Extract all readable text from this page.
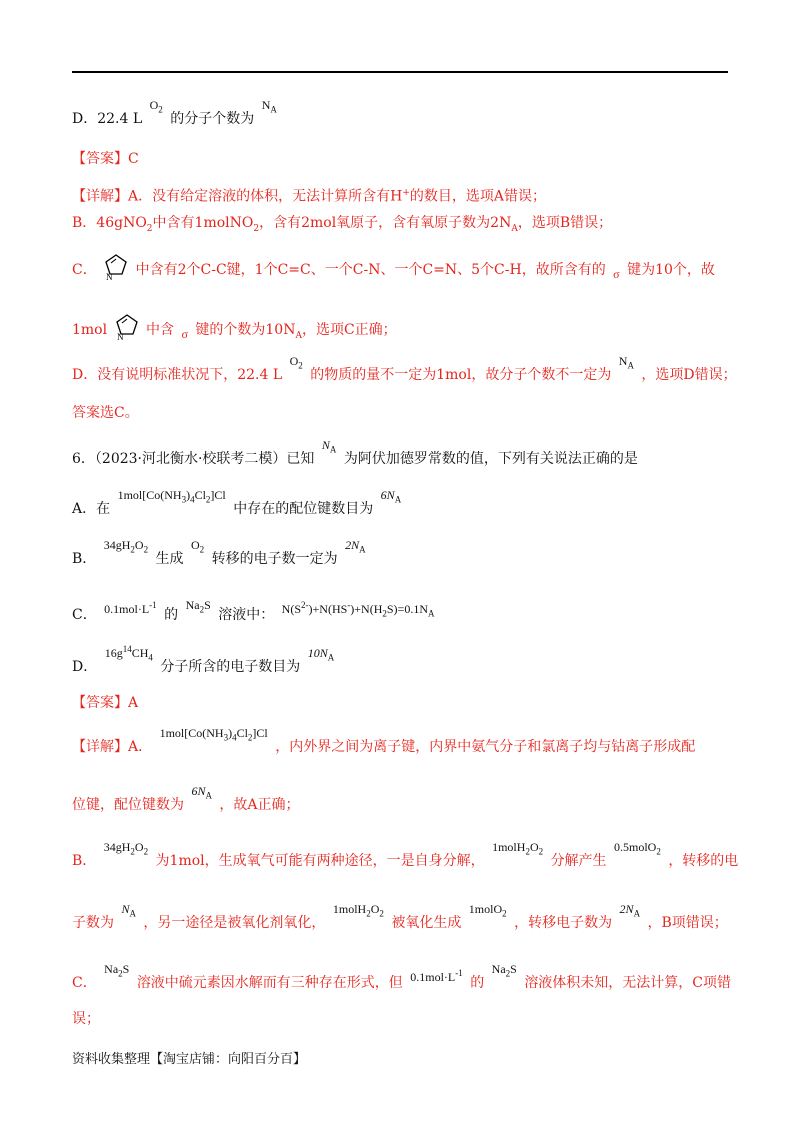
D．22.4 L $O_2$ 的分子个数为 $N_A$
【答案】C
【详解】A．没有给定溶液的体积，无法计算所含有H+的数目，选项A错误；
B．46gNO$_2$中含有1molNO$_2$，含有2mol氧原子，含有氧原子数为$2N_A$，选项B错误；
C． N 中含有2个C-C键，1个C=C、一个C-N、一个C=N、5个C-H，故所含有的 σ 键为10个，故
1mol N 中含 σ 键的个数为$10N_A$，选项C正确；
D．没有说明标准状况下，22.4 L $O_2$ 的物质的量不一定为1mol，故分子个数不一定为 $N_A$ ，选项D错误；
答案选C。
6．（2023·河北衡水·校联考二模）已知 $N_A$ 为阿伏加德罗常数的值，下列有关说法正确的是
A．在 $1mol[Co(NH_3)_4Cl_2]Cl$ 中存在的配位键数目为 $6N_A$
B． $34gH_2O_2$ 生成 $O_2$ 转移的电子数一定为 $2N_A$
C． $0.1mol\cdot L^{-1}$ 的 $Na_2S$ 溶液中： $N(S^{2-})+N(HS^-)+N(H_2S)=0.1N_A$
D． $16g^{14}CH_4$ 分子所含的电子数目为 $10N_A$
【答案】A
【详解】A． $1mol[Co(NH_3)_4Cl_2]Cl$ ，内外界之间为离子键，内界中氨气分子和氯离子均与钴离子形成配
位键，配位键数为 $6N_A$ ，故A正确；
B． $34gH_2O_2$ 为1mol，生成氧气可能有两种途径，一是自身分解， $1molH_2O_2$ 分解产生 0.5molO$_2$ ，转移的电
子数为 $N_A$ ，另一途径是被氧化剂氧化， $1molH_2O_2$ 被氧化生成 1molO$_2$ ，转移电子数为 $2N_A$ ，B项错误；
C． $Na_2S$ 溶液中硫元素因水解而有三种存在形式，但 $0.1mol\cdot L^{-1}$ 的 $Na_2S$ 溶液体积未知，无法计算，C项错
误；
资料收集整理【淘宝店铺：向阳百分百】
